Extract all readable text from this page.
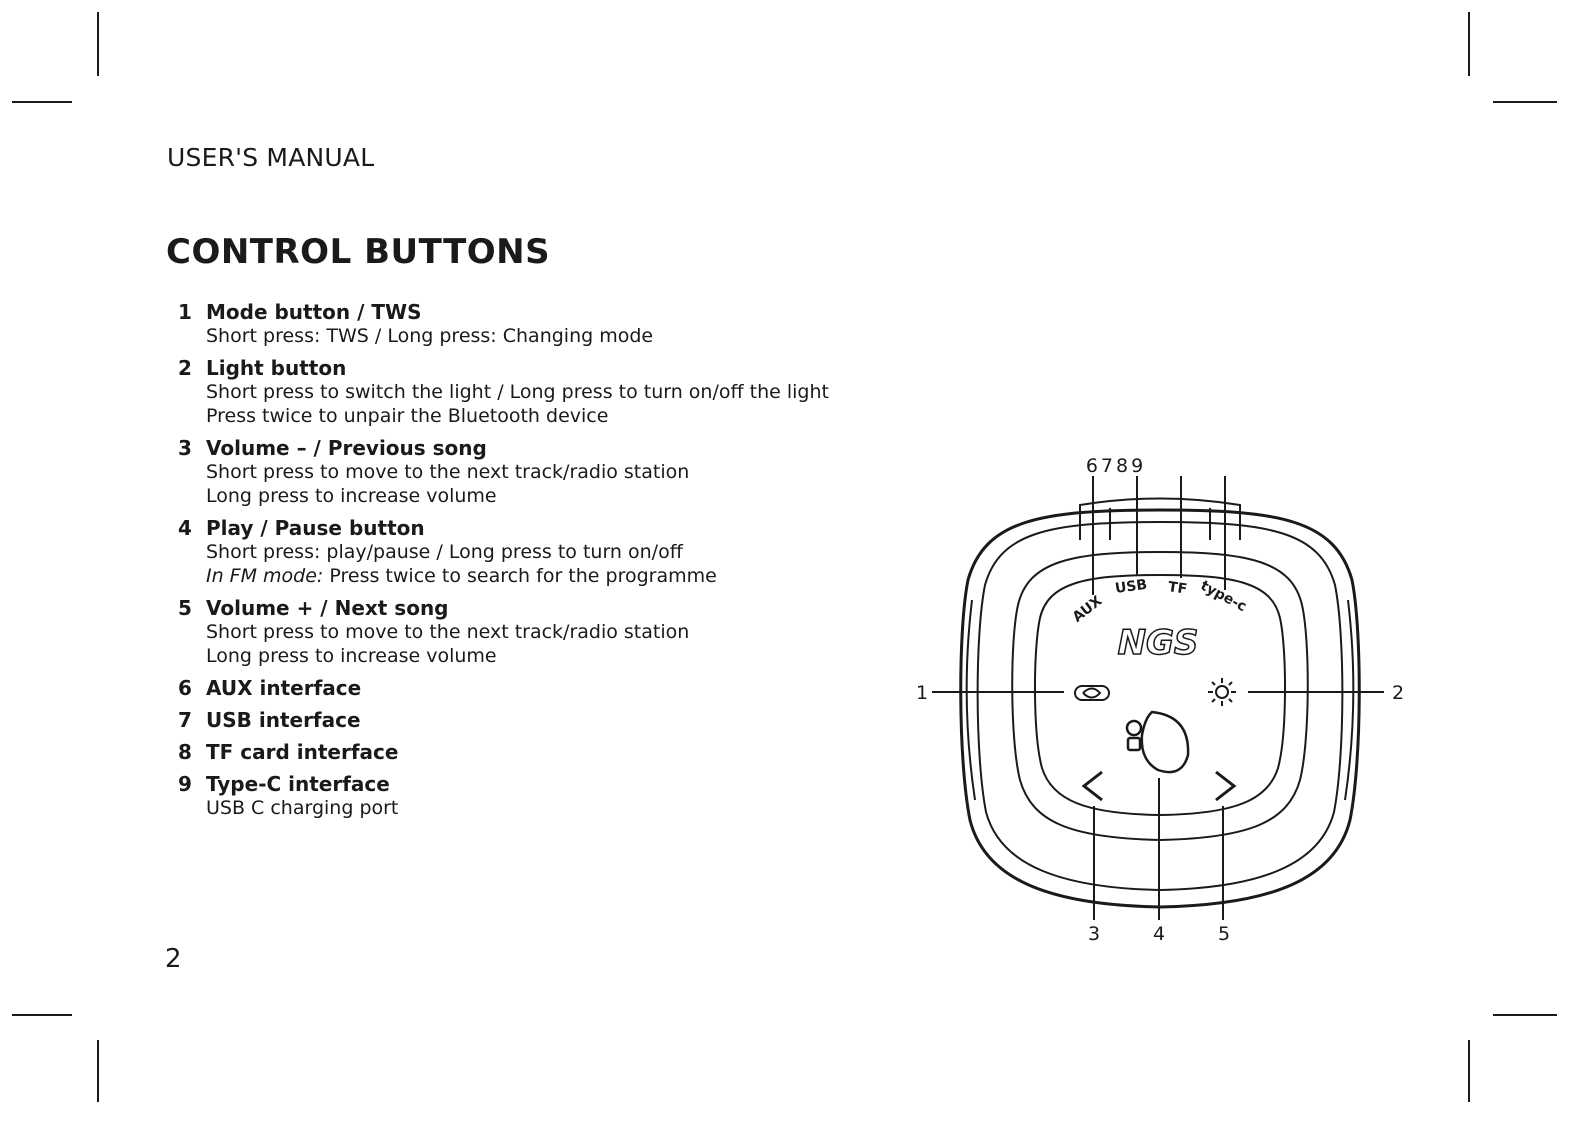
USER'S MANUAL
CONTROL BUTTONS
1 Mode button / TWS
Short press: TWS / Long press: Changing mode
2 Light button
Short press to switch the light / Long press to turn on/off the light
Press twice to unpair the Bluetooth device
3 Volume – / Previous song
Short press to move to the next track/radio station
Long press to increase volume
4 Play / Pause button
Short press: play/pause / Long press to turn on/off
In FM mode: Press twice to search for the programme
5 Volume + / Next song
Short press to move to the next track/radio station
Long press to increase volume
6 AUX interface
7 USB interface
8 TF card interface
9 Type-C interface
USB C charging port
2
AUX
USB TF type-c
NGS
6789
1	2
3	4	5
